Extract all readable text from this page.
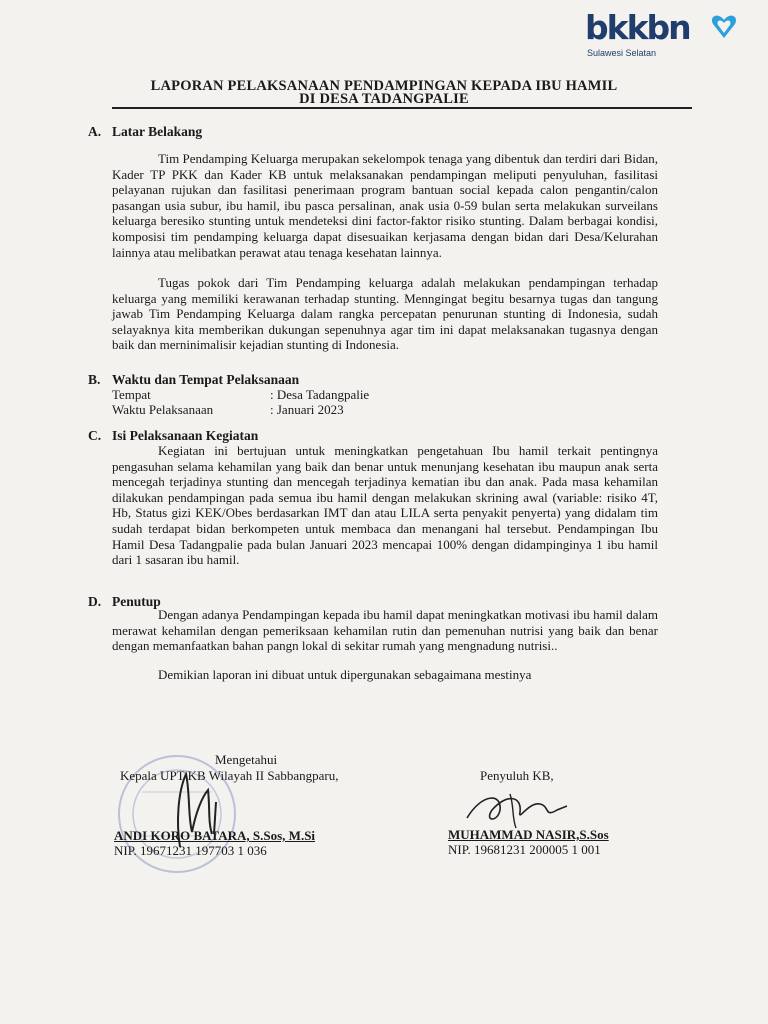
bkkbn
Sulawesi Selatan
LAPORAN PELAKSANAAN PENDAMPINGAN KEPADA IBU HAMIL
DI DESA TADANGPALIE
A. Latar Belakang
Tim Pendamping Keluarga merupakan sekelompok tenaga yang dibentuk dan terdiri dari Bidan, Kader TP PKK dan Kader KB untuk melaksanakan pendampingan meliputi penyuluhan, fasilitasi pelayanan rujukan dan fasilitasi penerimaan program bantuan social kepada calon pengantin/calon pasangan usia subur, ibu hamil, ibu pasca persalinan, anak usia 0-59 bulan serta melakukan surveilans keluarga beresiko stunting untuk mendeteksi dini factor-faktor risiko stunting. Dalam berbagai kondisi, komposisi tim pendamping keluarga dapat disesuaikan kerjasama dengan bidan dari Desa/Kelurahan lainnya atau melibatkan perawat atau tenaga kesehatan lainnya.
Tugas pokok dari Tim Pendamping keluarga adalah melakukan pendampingan terhadap keluarga yang memiliki kerawanan terhadap stunting. Menngingat begitu besarnya tugas dan tangung jawab Tim Pendamping Keluarga dalam rangka percepatan penurunan stunting di Indonesia, sudah selayaknya kita memberikan dukungan sepenuhnya agar tim ini dapat melaksanakan tugasnya dengan baik dan merninimalisir kejadian stunting di Indonesia.
B. Waktu dan Tempat Pelaksanaan
Tempat	: Desa Tadangpalie
Waktu Pelaksanaan	: Januari 2023
C. Isi Pelaksanaan Kegiatan
Kegiatan ini bertujuan untuk meningkatkan pengetahuan Ibu hamil terkait pentingnya pengasuhan selama kehamilan yang baik dan benar untuk menunjang kesehatan ibu maupun anak serta mencegah terjadinya stunting dan mencegah terjadinya kematian ibu dan anak. Pada masa kehamilan dilakukan pendampingan pada semua ibu hamil dengan melakukan skrining awal (variable: risiko 4T, Hb, Status gizi KEK/Obes berdasarkan IMT dan atau LILA serta penyakit penyerta) yang didalam tim sudah terdapat bidan berkompeten untuk membaca dan menangani hal tersebut. Pendampingan Ibu Hamil Desa Tadangpalie pada bulan Januari 2023 mencapai 100% dengan didampinginya 1 ibu hamil dari 1 sasaran ibu hamil.
D. Penutup
Dengan adanya Pendampingan kepada ibu hamil dapat meningkatkan motivasi ibu hamil dalam merawat kehamilan dengan pemeriksaan kehamilan rutin dan pemenuhan nutrisi yang baik dan benar dengan memanfaatkan bahan pangn lokal di sekitar rumah yang mengnadung nutrisi..
Demikian laporan ini dibuat untuk dipergunakan sebagaimana mestinya
Mengetahui
Kepala UPT KB Wilayah II Sabbangparu,
ANDI KORO BATARA, S.Sos, M.Si
NIP. 19671231 197703 1 036
Penyuluh KB,
MUHAMMAD NASIR,S.Sos
NIP. 19681231 200005 1 001
